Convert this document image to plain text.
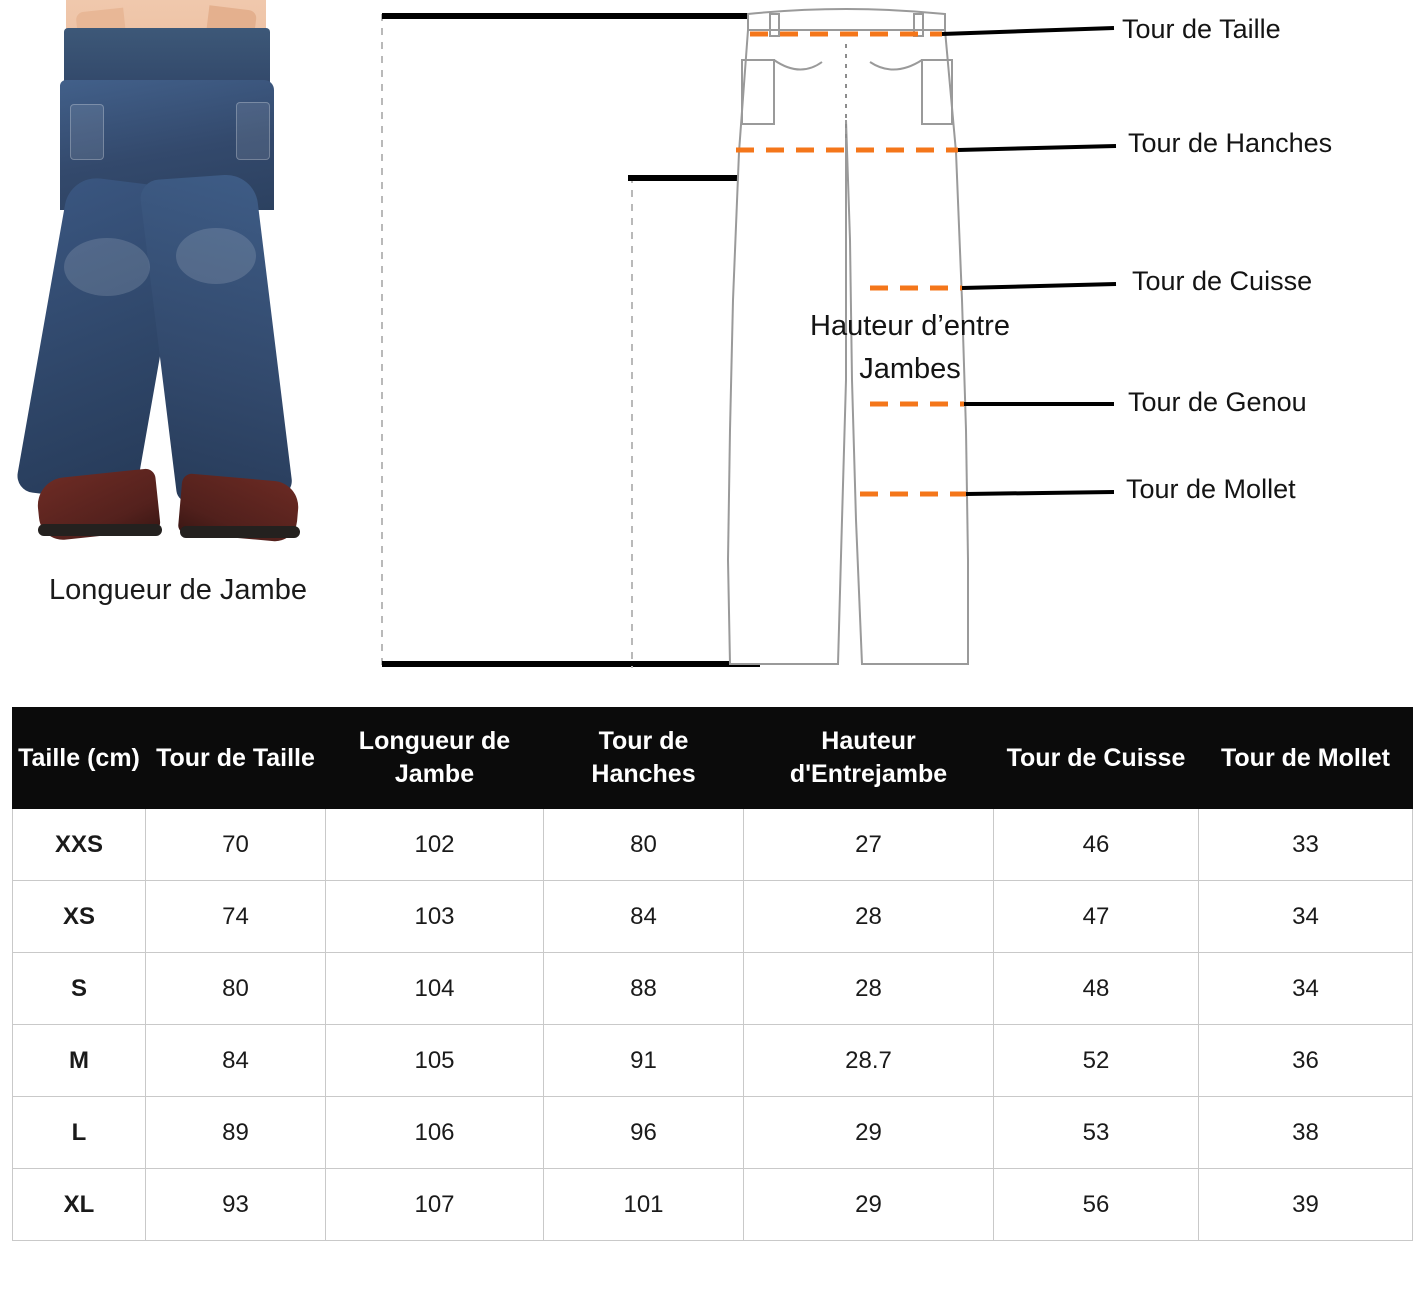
Longueur de Jambe
Hauteur d’entre Jambes
Tour de Taille
Tour de Hanches
Tour de Cuisse
Tour de Genou
Tour de Mollet
Taille (cm)	Tour de Taille	Longueur de Jambe	Tour de Hanches	Hauteur d'Entrejambe	Tour de Cuisse	Tour de Mollet
XXS	70	102	80	27	46	33
XS	74	103	84	28	47	34
S	80	104	88	28	48	34
M	84	105	91	28.7	52	36
L	89	106	96	29	53	38
XL	93	107	101	29	56	39
